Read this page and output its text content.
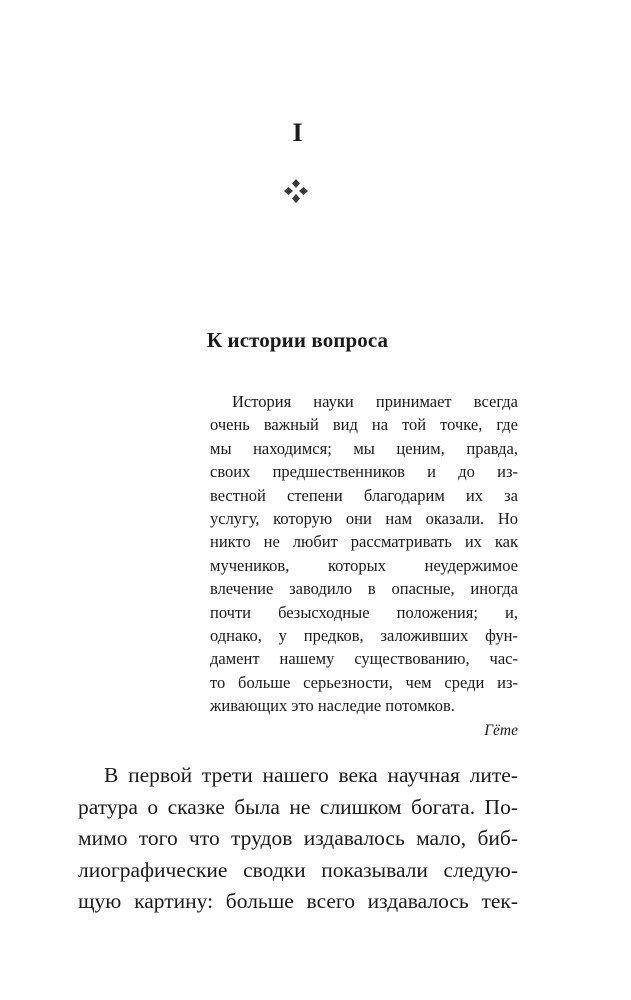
I
К истории вопроса
История науки принимает всегда
очень важный вид на той точке, где
мы находимся; мы ценим, правда,
своих предшественников и до из-
вестной степени благодарим их за
услугу, которую они нам оказали. Но
никто не любит рассматривать их как
мучеников, которых неудержимое
влечение заводило в опасные, иногда
почти безысходные положения; и,
однако, у предков, заложивших фун-
дамент нашему существованию, час-
то больше серьезности, чем среди из-
живающих это наследие потомков.
Гёте
В первой трети нашего века научная лите-
ратура о сказке была не слишком богата. По-
мимо того что трудов издавалось мало, биб-
лиографические сводки показывали следую-
щую картину: больше всего издавалось тек-
